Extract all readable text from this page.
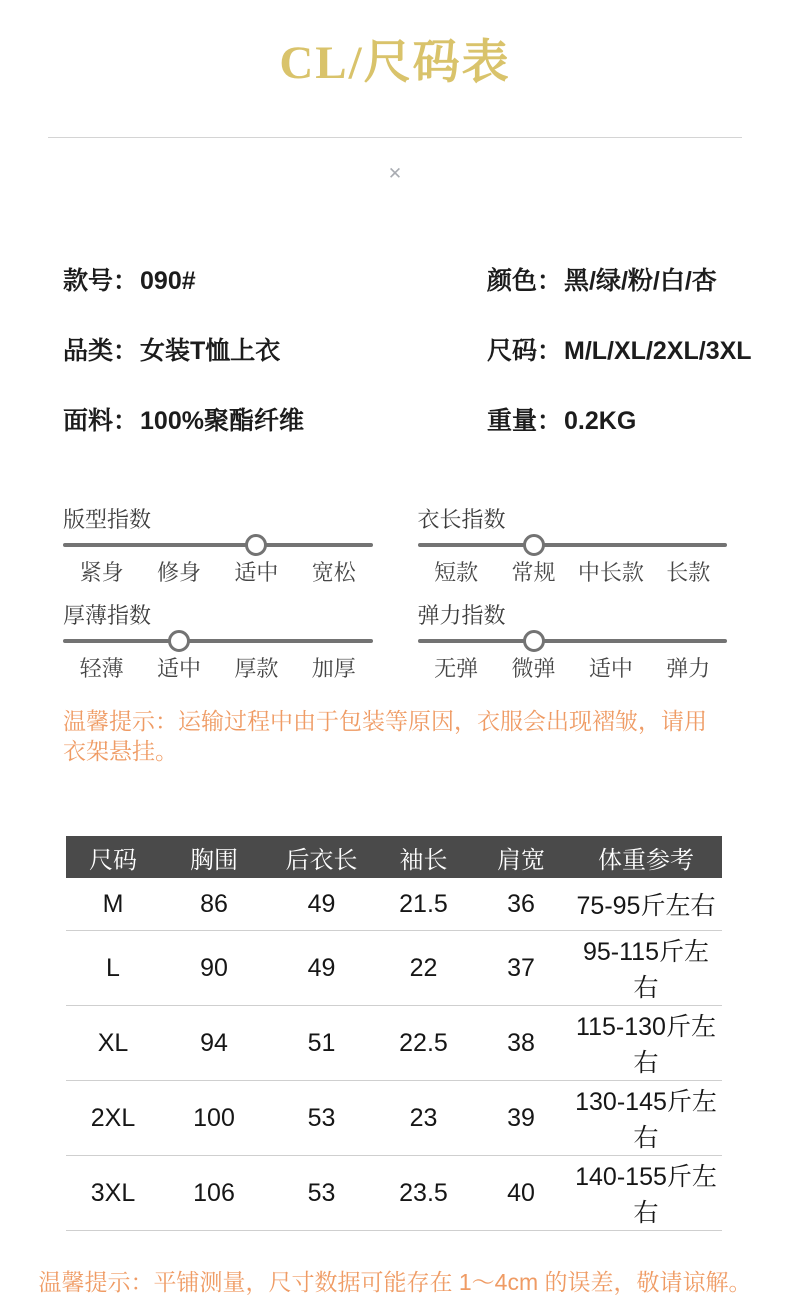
CL/尺码表
✕
款号：090#	颜色：黑/绿/粉/白/杏
品类：女装T恤上衣	尺码：M/L/XL/2XL/3XL
面料：100%聚酯纤维	重量：0.2KG
版型指数
紧身	修身	适中	宽松
衣长指数
短款	常规	中长款	长款
厚薄指数
轻薄	适中	厚款	加厚
弹力指数
无弹	微弹	适中	弹力
温馨提示：运输过程中由于包装等原因，衣服会出现褶皱，请用衣架悬挂。
尺码	胸围	后衣长	袖长	肩宽	体重参考
M	86	49	21.5	36	75-95斤左右
L	90	49	22	37	95-115斤左右
XL	94	51	22.5	38	115-130斤左右
2XL	100	53	23	39	130-145斤左右
3XL	106	53	23.5	40	140-155斤左右
温馨提示：平铺测量，尺寸数据可能存在 1～4cm 的误差，敬请谅解。
